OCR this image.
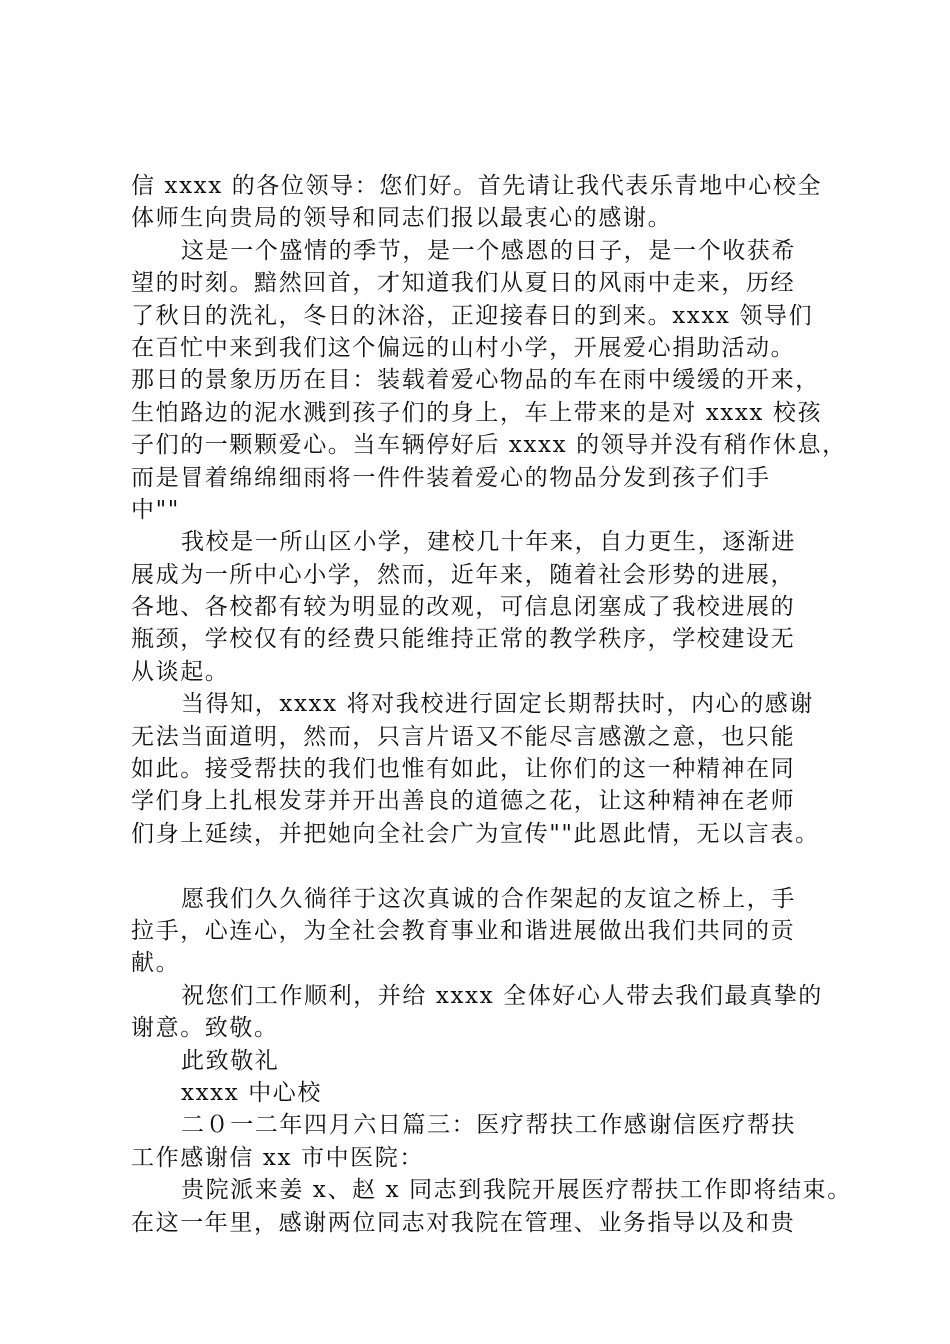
信 xxxx 的各位领导：您们好。首先请让我代表乐青地中心校全
体师生向贵局的领导和同志们报以最衷心的感谢。
这是一个盛情的季节，是一个感恩的日子，是一个收获希
望的时刻。黯然回首，才知道我们从夏日的风雨中走来，历经
了秋日的洗礼，冬日的沐浴，正迎接春日的到来。xxxx 领导们
在百忙中来到我们这个偏远的山村小学，开展爱心捐助活动。
那日的景象历历在目：装载着爱心物品的车在雨中缓缓的开来，
生怕路边的泥水溅到孩子们的身上，车上带来的是对 xxxx 校孩
子们的一颗颗爱心。当车辆停好后 xxxx 的领导并没有稍作休息，
而是冒着绵绵细雨将一件件装着爱心的物品分发到孩子们手
中""
我校是一所山区小学，建校几十年来，自力更生，逐渐进
展成为一所中心小学，然而，近年来，随着社会形势的进展，
各地、各校都有较为明显的改观，可信息闭塞成了我校进展的
瓶颈，学校仅有的经费只能维持正常的教学秩序，学校建设无
从谈起。
当得知，xxxx 将对我校进行固定长期帮扶时，内心的感谢
无法当面道明，然而，只言片语又不能尽言感激之意，也只能
如此。接受帮扶的我们也惟有如此，让你们的这一种精神在同
学们身上扎根发芽并开出善良的道德之花，让这种精神在老师
们身上延续，并把她向全社会广为宣传""此恩此情，无以言表。
愿我们久久徜徉于这次真诚的合作架起的友谊之桥上，手
拉手，心连心，为全社会教育事业和谐进展做出我们共同的贡
献。
祝您们工作顺利，并给 xxxx 全体好心人带去我们最真挚的
谢意。致敬。
此致敬礼
xxxx 中心校
二０一二年四月六日篇三：医疗帮扶工作感谢信医疗帮扶
工作感谢信 xx 市中医院：
贵院派来姜 x、赵 x 同志到我院开展医疗帮扶工作即将结束。
在这一年里，感谢两位同志对我院在管理、业务指导以及和贵
